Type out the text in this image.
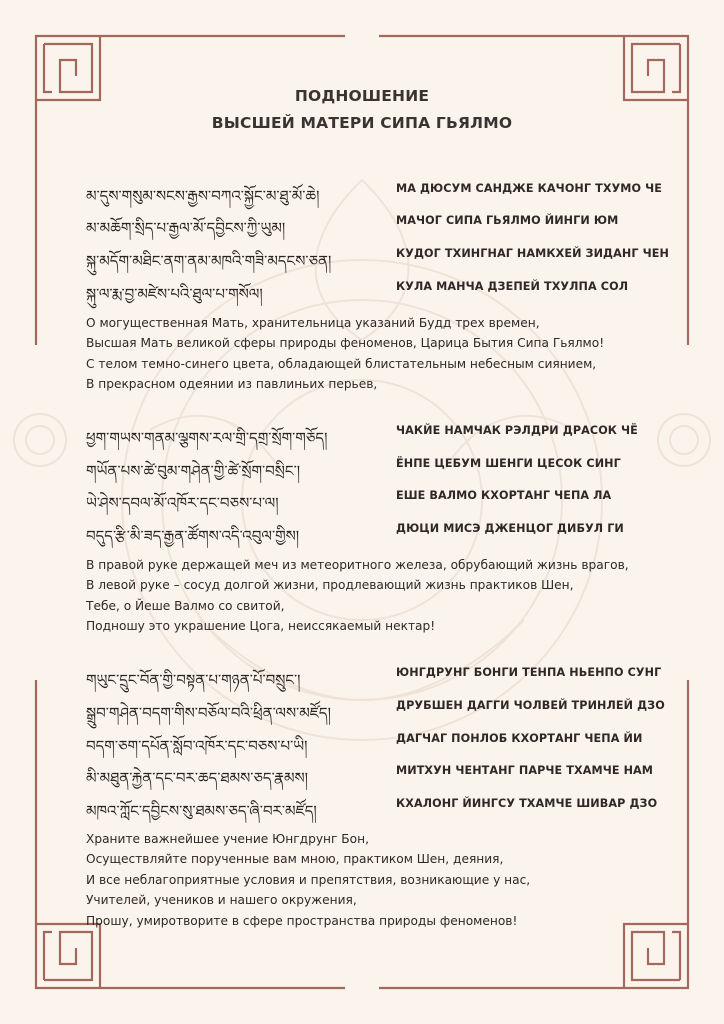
ПОДНОШЕНИЕ
ВЫСШЕЙ МАТЕРИ СИПА ГЬЯЛМО
མ་དུས་གསུམ་སངས་རྒྱས་བཀའ་སྐྱོང་མ་ཐུ་མོ་ཆེ།	МА ДЮСУМ САНДЖЕ КАЧОНГ ТХУМО ЧЕ
མ་མཆོག་སྲིད་པ་རྒྱལ་མོ་དབྱིངས་ཀྱི་ཡུམ།	МАЧОГ СИПА ГЬЯЛМО ЙИНГИ ЮМ
སྐུ་མདོག་མཐིང་ནག་ནམ་མཁའི་གཟི་མདངས་ཅན།	КУДОГ ТХИНГНАГ НАМКХЕЙ ЗИДАНГ ЧЕН
སྐུ་ལ་རྨ་བྱ་མཛེས་པའི་ཐུལ་པ་གསོལ།	КУЛА МАНЧА ДЗЕПЕЙ ТХУЛПА СОЛ
О могущественная Мать, хранительница указаний Будд трех времен,
Высшая Мать великой сферы природы феноменов, Царица Бытия Сипа Гьялмо!
С телом темно-синего цвета, обладающей блистательным небесным сиянием,
В прекрасном одеянии из павлиньих перьев,
ཕྱག་གཡས་གནམ་ལྕགས་རལ་གྲི་དགྲ་སྲོག་གཅོད།	ЧАКЙЕ НАМЧАК РЭЛДРИ ДРАСОК ЧЁ
གཡོན་པས་ཚེ་བུམ་གཤེན་གྱི་ཚེ་སྲོག་བསྲིང་།	ЁНПЕ ЦЕБУМ ШЕНГИ ЦЕСОК СИНГ
ཡེ་ཤེས་དབལ་མོ་འཁོར་དང་བཅས་པ་ལ།	ЕШЕ ВАЛМО КХОРТАНГ ЧЕПА ЛА
བདུད་རྩི་མི་ཟད་རྒྱན་ཚོགས་འདི་འབུལ་གྱིས།	ДЮЦИ МИСЭ ДЖЕНЦОГ ДИБУЛ ГИ
В правой руке держащей меч из метеоритного железа, обрубающий жизнь врагов,
В левой руке – сосуд долгой жизни, продлевающий жизнь практиков Шен,
Тебе, о Йеше Валмо со свитой,
Подношу это украшение Цога, неиссякаемый нектар!
གཡུང་དྲུང་བོན་གྱི་བསྟན་པ་གཉན་པོ་བསྲུང་།	ЮНГДРУНГ БОНГИ ТЕНПА НЬЕНПО СУНГ
སྒྲུབ་གཤེན་བདག་གིས་བཅོལ་བའི་ཕྲིན་ལས་མཛོད།	ДРУБШЕН ДАГГИ ЧОЛВЕЙ ТРИНЛЕЙ ДЗО
བདག་ཅག་དཔོན་སློབ་འཁོར་དང་བཅས་པ་ཡི།	ДАГЧАГ ПОНЛОБ КХОРТАНГ ЧЕПА ЙИ
མི་མཐུན་རྐྱེན་དང་བར་ཆད་ཐམས་ཅད་རྣམས།	МИТХУН ЧЕНТАНГ ПАРЧЕ ТХАМЧЕ НАМ
མཁའ་ཀློང་དབྱིངས་སུ་ཐམས་ཅད་ཞི་བར་མཛོད།	КХАЛОНГ ЙИНГСУ ТХАМЧЕ ШИВАР ДЗО
Храните важнейшее учение Юнгдрунг Бон,
Осуществляйте порученные вам мною, практиком Шен, деяния,
И все неблагоприятные условия и препятствия, возникающие у нас,
Учителей, учеников и нашего окружения,
Прошу, умиротворите в сфере пространства природы феноменов!
